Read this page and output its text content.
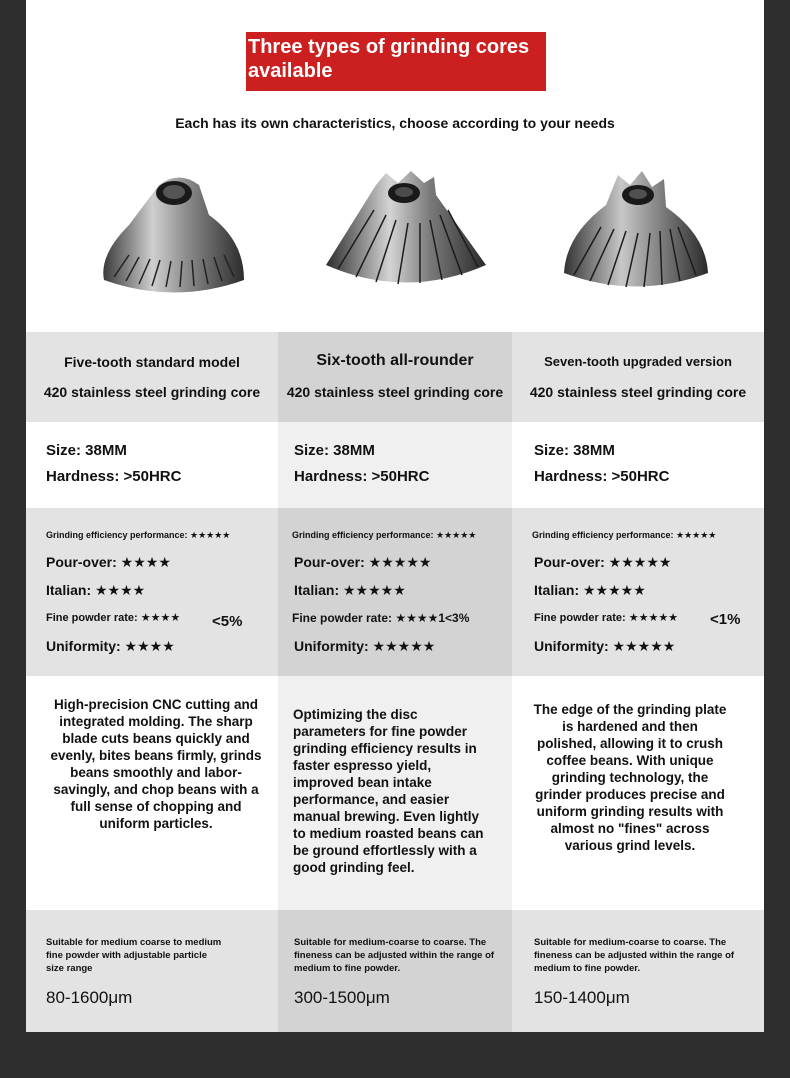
Three types of grinding cores available
Each has its own characteristics, choose according to your needs
Five-tooth standard model
420 stainless steel grinding core
Six-tooth all-rounder
420 stainless steel grinding core
Seven-tooth upgraded version
420 stainless steel grinding core
Size: 38MM
Hardness: >50HRC
Size: 38MM
Hardness: >50HRC
Size: 38MM
Hardness: >50HRC
Grinding efficiency performance: ★★★★★
Pour-over: ★★★★
Italian: ★★★★
Fine powder rate: ★★★★ <5%
Uniformity: ★★★★
Grinding efficiency performance: ★★★★★
Pour-over: ★★★★★
Italian: ★★★★★
Fine powder rate: ★★★★1<3%
Uniformity: ★★★★★
Grinding efficiency performance: ★★★★★
Pour-over: ★★★★★
Italian: ★★★★★
Fine powder rate: ★★★★★ <1%
Uniformity: ★★★★★
High-precision CNC cutting and integrated molding. The sharp blade cuts beans quickly and evenly, bites beans firmly, grinds beans smoothly and labor-savingly, and chop beans with a full sense of chopping and uniform particles.
Optimizing the disc parameters for fine powder grinding efficiency results in faster espresso yield, improved bean intake performance, and easier manual brewing. Even lightly to medium roasted beans can be ground effortlessly with a good grinding feel.
The edge of the grinding plate is hardened and then polished, allowing it to crush coffee beans. With unique grinding technology, the grinder produces precise and uniform grinding results with almost no "fines" across various grind levels.
Suitable for medium coarse to medium fine powder with adjustable particle size range
80-1600μm
Suitable for medium-coarse to coarse. The fineness can be adjusted within the range of medium to fine powder.
300-1500μm
Suitable for medium-coarse to coarse. The fineness can be adjusted within the range of medium to fine powder.
150-1400μm
